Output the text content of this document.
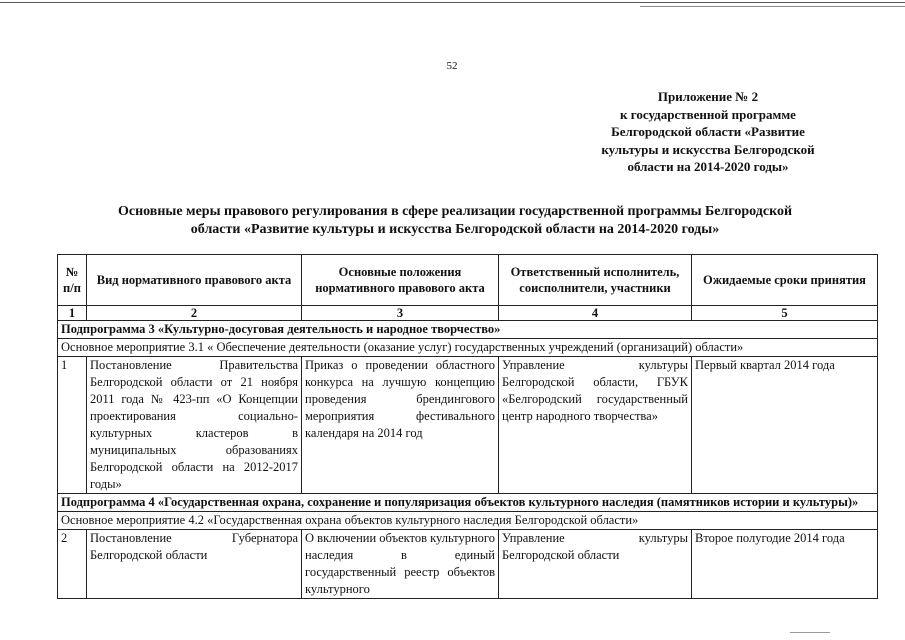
52
Приложение № 2
к государственной программе
Белгородской области «Развитие
культуры и искусства Белгородской
области на 2014-2020 годы»
Основные меры правового регулирования в сфере реализации государственной программы Белгородской
области «Развитие культуры и искусства Белгородской области на 2014-2020 годы»
№ п/п	Вид нормативного правового акта	Основные положения нормативного правового акта	Ответственный исполнитель, соисполнители, участники	Ожидаемые сроки принятия
1	2	3	4	5
Подпрограмма 3 «Культурно-досуговая деятельность и народное творчество»				
Основное мероприятие 3.1 « Обеспечение деятельности (оказание услуг) государственных учреждений (организаций) области»				
1	Постановление Правительства Белгородской области от 21 ноября 2011 года № 423-пп «О Концепции проектирования социально-культурных кластеров в муниципальных образованиях Белгородской области на 2012-2017 годы»	Приказ о проведении областного конкурса на лучшую концепцию проведения брендингового мероприятия фестивального календаря на 2014 год	Управление культуры Белгородской области, ГБУК «Белгородский государственный центр народного творчества»	Первый квартал 2014 года
Подпрограмма 4 «Государственная охрана, сохранение и популяризация объектов культурного наследия (памятников истории и культуры)»				
Основное мероприятие 4.2 «Государственная охрана объектов культурного наследия Белгородской области»				
2	Постановление Губернатора Белгородской области	О включении объектов культурного наследия в единый государственный реестр объектов культурного	Управление культуры Белгородской области	Второе полугодие 2014 года
